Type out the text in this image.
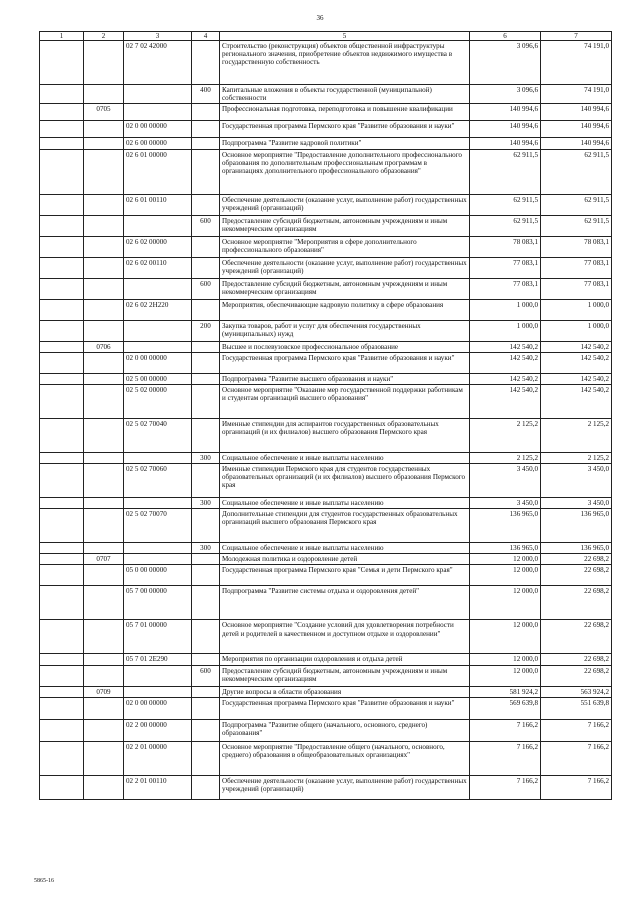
36
1	2	3	4	5	6	7
		02 7 02 42000		Строительство (реконструкция) объектов общественной инфраструктуры регионального значения, приобретение объектов недвижимого имущества в государственную собственность	3 096,6	74 191,0
			400	Капитальные вложения в объекты государственной (муниципальной) собственности	3 096,6	74 191,0
	0705			Профессиональная подготовка, переподготовка и повышение квалификации	140 994,6	140 994,6
		02 0 00 00000		Государственная программа Пермского края "Развитие образования и науки"	140 994,6	140 994,6
		02 6 00 00000		Подпрограмма "Развитие кадровой политики"	140 994,6	140 994,6
		02 6 01 00000		Основное мероприятие "Предоставление дополнительного профессионального образования по дополнительным профессиональным программам в организациях дополнительного профессионального образования"	62 911,5	62 911,5
		02 6 01 00110		Обеспечение деятельности (оказание услуг, выполнение работ) государственных учреждений (организаций)	62 911,5	62 911,5
			600	Предоставление субсидий бюджетным, автономным учреждениям и иным некоммерческим организациям	62 911,5	62 911,5
		02 6 02 00000		Основное мероприятие "Мероприятия в сфере дополнительного профессионального образования"	78 083,1	78 083,1
		02 6 02 00110		Обеспечение деятельности (оказание услуг, выполнение работ) государственных учреждений (организаций)	77 083,1	77 083,1
			600	Предоставление субсидий бюджетным, автономным учреждениям и иным некоммерческим организациям	77 083,1	77 083,1
		02 6 02 2Н220		Мероприятия, обеспечивающие кадровую политику в сфере образования	1 000,0	1 000,0
			200	Закупка товаров, работ и услуг для обеспечения государственных (муниципальных) нужд	1 000,0	1 000,0
	0706			Высшее и послевузовское профессиональное образование	142 540,2	142 540,2
		02 0 00 00000		Государственная программа Пермского края "Развитие образования и науки"	142 540,2	142 540,2
		02 5 00 00000		Подпрограмма "Развитие высшего образования и науки"	142 540,2	142 540,2
		02 5 02 00000		Основное мероприятие "Оказание мер государственной поддержки работникам и студентам организаций высшего образования"	142 540,2	142 540,2
		02 5 02 70040		Именные стипендии для аспирантов государственных образовательных организаций (и их филиалов) высшего образования Пермского края	2 125,2	2 125,2
			300	Социальное обеспечение и иные выплаты населению	2 125,2	2 125,2
		02 5 02 70060		Именные стипендии Пермского края для студентов государственных образовательных организаций (и их филиалов) высшего образования Пермского края	3 450,0	3 450,0
			300	Социальное обеспечение и иные выплаты населению	3 450,0	3 450,0
		02 5 02 70070		Дополнительные стипендии для студентов государственных образовательных организаций высшего образования Пермского края	136 965,0	136 965,0
			300	Социальное обеспечение и иные выплаты населению	136 965,0	136 965,0
	0707			Молодежная политика и оздоровление детей	12 000,0	22 698,2
		05 0 00 00000		Государственная программа Пермского края "Семья и дети Пермского края"	12 000,0	22 698,2
		05 7 00 00000		Подпрограмма "Развитие системы отдыха и оздоровления детей"	12 000,0	22 698,2
		05 7 01 00000		Основное мероприятие "Создание условий для удовлетворения потребности детей и родителей в качественном и доступном отдыхе и оздоровлении"	12 000,0	22 698,2
		05 7 01 2Е290		Мероприятия по организации оздоровления и отдыха детей	12 000,0	22 698,2
			600	Предоставление субсидий бюджетным, автономным учреждениям и иным некоммерческим организациям	12 000,0	22 698,2
	0709			Другие вопросы в области образования	581 924,2	563 924,2
		02 0 00 00000		Государственная программа Пермского края "Развитие образования и науки"	569 639,8	551 639,8
		02 2 00 00000		Подпрограмма "Развитие общего (начального, основного, среднего) образования"	7 166,2	7 166,2
		02 2 01 00000		Основное мероприятие "Предоставление общего (начального, основного, среднего) образования в общеобразовательных организациях"	7 166,2	7 166,2
		02 2 01 00110		Обеспечение деятельности (оказание услуг, выполнение работ) государственных учреждений (организаций)	7 166,2	7 166,2
5865-16
